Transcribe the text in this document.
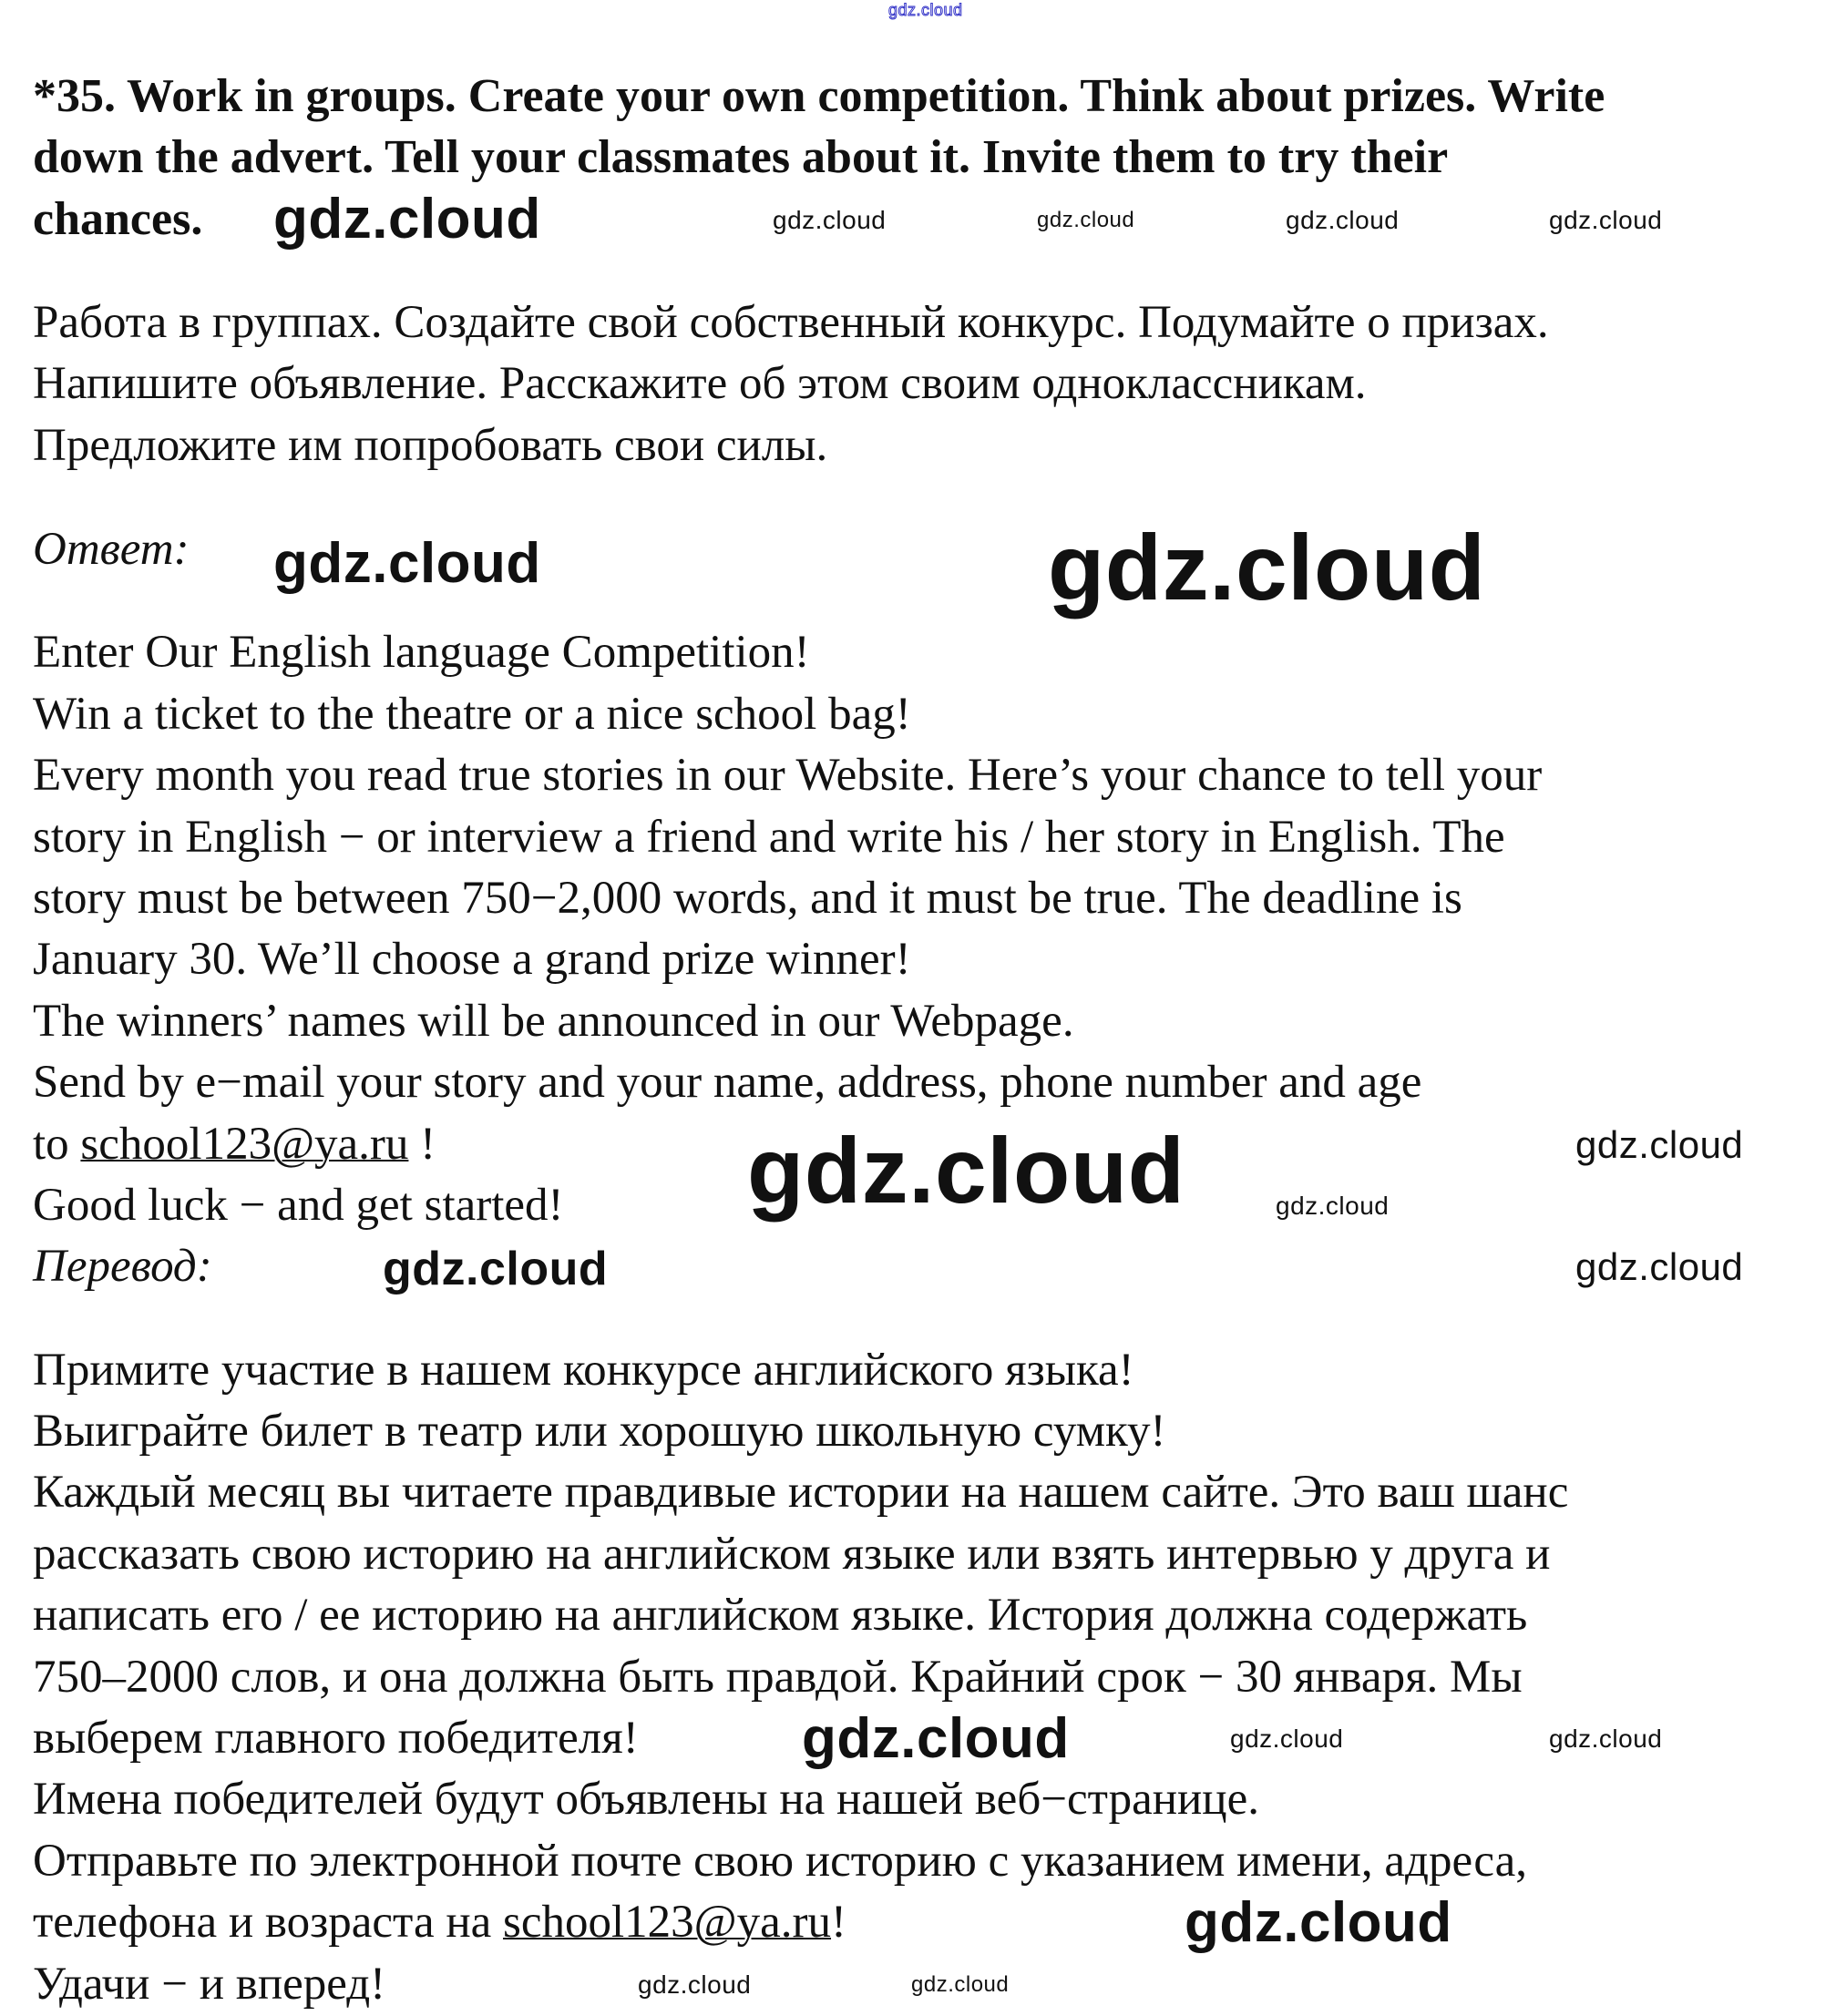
*35. Work in groups. Create your own competition. Think about prizes. Write
down the advert. Tell your classmates about it. Invite them to try their
chances.
Работа в группах. Создайте свой собственный конкурс. Подумайте о призах.
Напишите объявление. Расскажите об этом своим одноклассникам.
Предложите им попробовать свои силы.
Ответ:
Enter Our English language Competition!
Win a ticket to the theatre or a nice school bag!
Every month you read true stories in our Website. Here’s your chance to tell your
story in English − or interview a friend and write his / her story in English. The
story must be between 750−2,000 words, and it must be true. The deadline is
January 30. We’ll choose a grand prize winner!
The winners’ names will be announced in our Webpage.
Send by e−mail your story and your name, address, phone number and age
to school123@ya.ru !
Good luck − and get started!
Перевод:
Примите участие в нашем конкурсе английского языка!
Выиграйте билет в театр или хорошую школьную сумку!
Каждый месяц вы читаете правдивые истории на нашем сайте. Это ваш шанс
рассказать свою историю на английском языке или взять интервью у друга и
написать его / ее историю на английском языке. История должна содержать
750–2000 слов, и она должна быть правдой. Крайний срок − 30 января. Мы
выберем главного победителя!
Имена победителей будут объявлены на нашей веб−странице.
Отправьте по электронной почте свою историю с указанием имени, адреса,
телефона и возраста на school123@ya.ru!
Удачи − и вперед!
gdz.cloud
gdz.cloud	gdz.cloud	gdz.cloud	gdz.cloud
gdz.cloud
gdz.cloud	gdz.cloud
gdz.cloud
gdz.cloud
gdz.cloud
gdz.cloud	gdz.cloud
gdz.cloud	gdz.cloud
gdz.cloud
gdz.cloud
gdz.cloud	gdz.cloud
